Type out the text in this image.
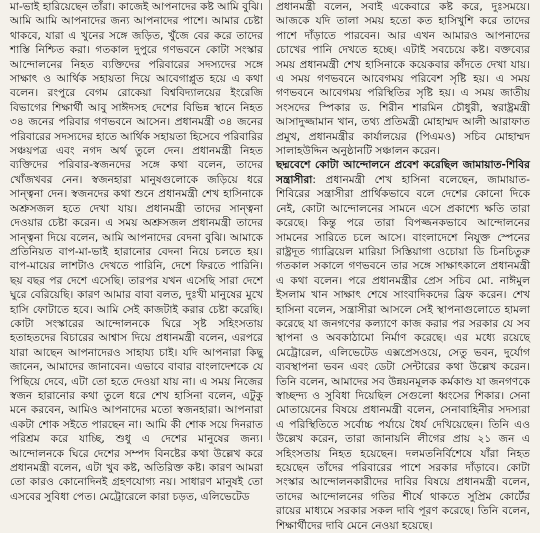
মা-ভাই হারিয়েছেন তাঁরা। কাজেই আপনাদের কষ্ট আমি বুঝি। আমি আমি আপনাদের জন্য আপনাদের পাশে। আমার চেষ্টা থাকবে, যারা এ খুনের সঙ্গে জড়িত, খুঁজে বের করে তাদের শাস্তি নিশ্চিত করা। গতকাল দুপুরে গণভবনে কোটা সংস্কার আন্দোলনের নিহত ব্যক্তিদের পরিবারের সদস্যদের সঙ্গে সাক্ষাৎ ও আর্থিক সহায়তা দিয়ে আবেগাপ্লুত হয়ে এ কথা বলেন। রংপুরে বেগম রোকেয়া বিশ্ববিদ্যালয়ের ইংরেজি বিভাগের শিক্ষার্থী আবু সাঈদসহ দেশের বিভিন্ন স্থানে নিহত ৩৪ জনের পরিবার গণভবনে আসেন। প্রধানমন্ত্রী ৩৪ জনের পরিবারের সদস্যদের হাতে আর্থিক সহায়তা হিসেবে পরিবারির সঞ্চয়পত্র এবং নগদ অর্থ তুলে দেন। প্রধানমন্ত্রী নিহত ব্যক্তিদের পরিবার-স্বজনদের সঙ্গে কথা বলেন, তাদের খোঁজখবর নেন। স্বজনহারা মানুষগুলোকে জড়িয়ে ধরে সান্ত্বনা দেন। স্বজনদের কথা শুনে প্রধানমন্ত্রী শেখ হাসিনাকে অশ্রুসজল হতে দেখা যায়। প্রধানমন্ত্রী তাদের সান্ত্বনা দেওয়ার চেষ্টা করেন। এ সময় অশ্রুসজল প্রধানমন্ত্রী তাদের সান্ত্বনা দিয়ে বলেন, আমি আপনাদের বেদনা বুঝি। আমাকে প্রতিনিয়ত বাপ-মা-ভাই হারানোর বেদনা নিয়ে চলতে হয়। বাপ-মায়ের লাশটাও দেখতে পারিনি, দেশে ফিরতে পারিনি। ছয় বছর পর দেশে এসেছি। তারপর যখন এসেছি সারা দেশে ঘুরে বেরিয়েছি। কারণ আমার বাবা বলত, দুঃখী মানুষের মুখে হাসি ফোটাতে হবে। আমি সেই কাজটাই করার চেষ্টা করেছি। কোটা সংস্কারের আন্দোলনকে ঘিরে সৃষ্ট সহিংসতায় হতাহতদের বিচারের আশ্বাস দিয়ে প্রধানমন্ত্রী বলেন, এরপরে যারা আছেন আপনাদেরও সাহায্য চাই। যদি আপনারা কিছু জানেন, আমাদের জানাবেন। এভাবে বাবার বাংলাদেশকে যে পিছিয়ে দেবে, এটা তো হতে দেওয়া যায় না। এ সময় নিজের স্বজন হারানোর কথা তুলে ধরে শেখ হাসিনা বলেন, এটুকু মনে করবেন, আমিও আপনাদের মতো স্বজনহারা। আপনারা একটা শোক সইতে পারছেন না। আমি কী শোক সয়ে দিনরাত পরিশ্রম করে যাচ্ছি, শুধু এ দেশের মানুষের জন্য। আন্দোলনকে ঘিরে দেশের সম্পদ বিনষ্টের কথা উল্লেখ করে প্রধানমন্ত্রী বলেন, এটা খুব কষ্ট, অতিরিক্ত কষ্ট। কারণ আমরা তো কারও কোনোদিনই গ্রহণযোগ্য নয়। সাধারণ মানুষই তো এসবের সুবিধা পেত। মেট্রোরেলে কারা চড়ত, এলিভেটেড

প্রধানমন্ত্রী বলেন, সবাই একেবারে কষ্ট করে, দুঃসময়ে। আজকে যদি তালা সময় হতো কত হাসিখুশি করে তাদের পাশে দাঁড়াতে পারবেন। আর এখন আমারও আপনাদের চোখের পানি দেখতে হচ্ছে। এটাই সবচেয়ে কষ্ট। বক্তব্যের সময় প্রধানমন্ত্রী শেখ হাসিনাকে কয়েকবার কাঁদতে দেখা যায়। এ সময় গণভবনে আবেগময় পরিবেশ সৃষ্টি হয়। এ সময় গণভবনে আবেগময় পরিস্থিতির সৃষ্টি হয়। এ সময় জাতীয় সংসদের স্পিকার ড. শিরীন শারমিন চৌধুরী, স্বরাষ্ট্রমন্ত্রী আসাদুজ্জামান খান, তথ্য প্রতিমন্ত্রী মোহাম্মদ আলী আরাফাত প্রমুখ, প্রধানমন্ত্রীর কার্যালয়ের (পিএমও) সচিব মোহাম্মদ সালাহউদ্দিন অনুষ্ঠানটি সঞ্চালন করেন।

ছদ্মবেশে কোটা আন্দোলনে প্রবেশ করেছিল জামায়াত-শিবির সন্ত্রাসীরা: প্রধানমন্ত্রী শেখ হাসিনা বলেছেন, জামায়াত-শিবিরের সন্ত্রাসীরা প্রার্থিকভাবে বলে দেশের কোনো দিকে নেই, কোটা আন্দোলনের সামনে এসে প্রকাশ্যে ক্ষতি তারা করেছে। কিন্তু পরে তারা বিপজ্জনকভাবে আন্দোলনের সামনের সারিতে চলে আসে। বাংলাদেশে নিযুক্ত স্পেনের রাষ্ট্রদূত গ্যাব্রিয়েল মারিয়া সিস্তিয়াগা ওচোয়া ডি চিনচিতুরু গতকাল সকালে গণভবনে তার সঙ্গে সাক্ষাৎকালে প্রধানমন্ত্রী এ কথা বলেন। পরে প্রধানমন্ত্রীর প্রেস সচিব মো. নাঈমুল ইসলাম খান সাক্ষাৎ শেষে সাংবাদিকদের ব্রিফ করেন। শেখ হাসিনা বলেন, সন্ত্রাসীরা আসলে সেই স্থাপনাগুলোতে হামলা করেছে যা জনগণের কল্যাণে কাজ করার পর সরকার যে সব স্থাপনা ও অবকাঠামো নির্মাণ করেছে। এর মধ্যে রয়েছে মেট্রোরেল, এলিভেটেড এক্সপ্রেসওয়ে, সেতু ভবন, দুর্যোগ ব্যবস্থাপনা ভবন এবং ডেটা সেন্টারের কথা উল্লেখ করেন। তিনি বলেন, আমাদের সব উন্নয়নমূলক কর্মকাণ্ড যা জনগণকে স্বাচ্ছন্দ্য ও সুবিধা দিয়েছিল সেগুলো ধ্বংসের শিকার। সেনা মোতায়েনের বিষয়ে প্রধানমন্ত্রী বলেন, সেনাবাহিনীর সদস্যরা এ পরিস্থিতিতে সর্বোচ্চ পর্যায়ে ধৈর্য দেখিয়েছেন। তিনি এও উল্লেখ করেন, তারা জানায়নি লীগের প্রায় ২১ জন এ সহিংসতায় নিহত হয়েছেন। দলমতনির্বিশেষে যাঁরা নিহত হয়েছেন তাঁদের পরিবারের পাশে সরকার দাঁড়াবে। কোটা সংস্কার আন্দোলনকারীদের দাবির বিষয়ে প্রধানমন্ত্রী বলেন, তাদের আন্দোলনের গতির শীর্ষে থাকতে সুপ্রিম কোর্টের রায়ের মাধ্যমে সরকার সকল দাবি পূরণ করেছে। তিনি বলেন, শিক্ষার্থীদের দাবি মেনে নেওয়া হয়েছে।
